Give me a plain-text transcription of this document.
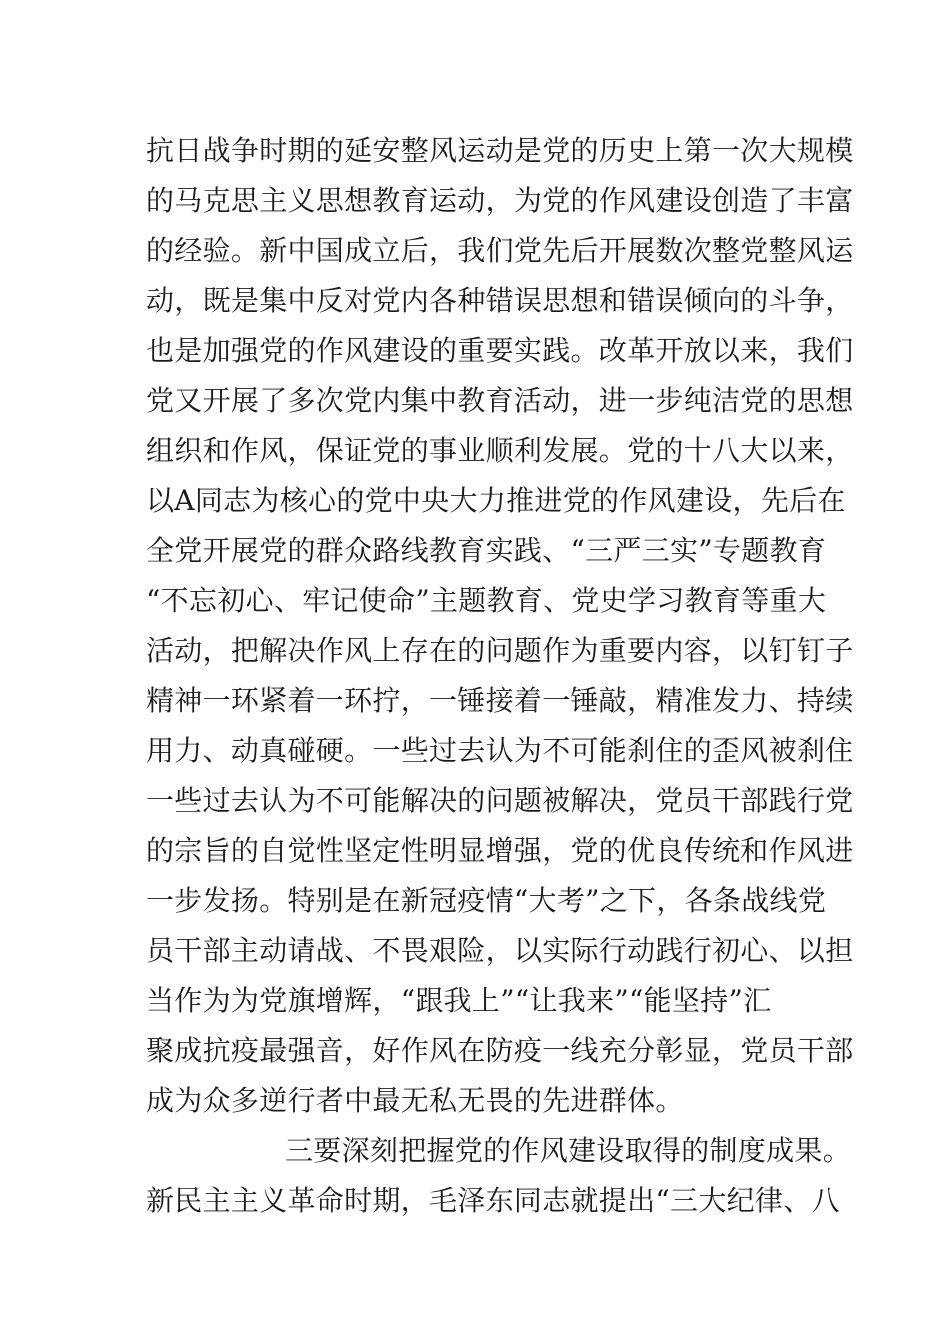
抗日战争时期的延安整风运动是党的历史上第一次大规模
的马克思主义思想教育运动，为党的作风建设创造了丰富
的经验。新中国成立后，我们党先后开展数次整党整风运
动，既是集中反对党内各种错误思想和错误倾向的斗争，
也是加强党的作风建设的重要实践。改革开放以来，我们
党又开展了多次党内集中教育活动，进一步纯洁党的思想
组织和作风，保证党的事业顺利发展。党的十八大以来，
以A同志为核心的党中央大力推进党的作风建设，先后在
全党开展党的群众路线教育实践、“三严三实”专题教育
“不忘初心、牢记使命”主题教育、党史学习教育等重大
活动，把解决作风上存在的问题作为重要内容，以钉钉子
精神一环紧着一环拧，一锤接着一锤敲，精准发力、持续
用力、动真碰硬。一些过去认为不可能刹住的歪风被刹住
一些过去认为不可能解决的问题被解决，党员干部践行党
的宗旨的自觉性坚定性明显增强，党的优良传统和作风进
一步发扬。特别是在新冠疫情“大考”之下，各条战线党
员干部主动请战、不畏艰险，以实际行动践行初心、以担
当作为为党旗增辉，“跟我上”“让我来”“能坚持”汇
聚成抗疫最强音，好作风在防疫一线充分彰显，党员干部
成为众多逆行者中最无私无畏的先进群体。
三要深刻把握党的作风建设取得的制度成果。
新民主主义革命时期，毛泽东同志就提出“三大纪律、八
